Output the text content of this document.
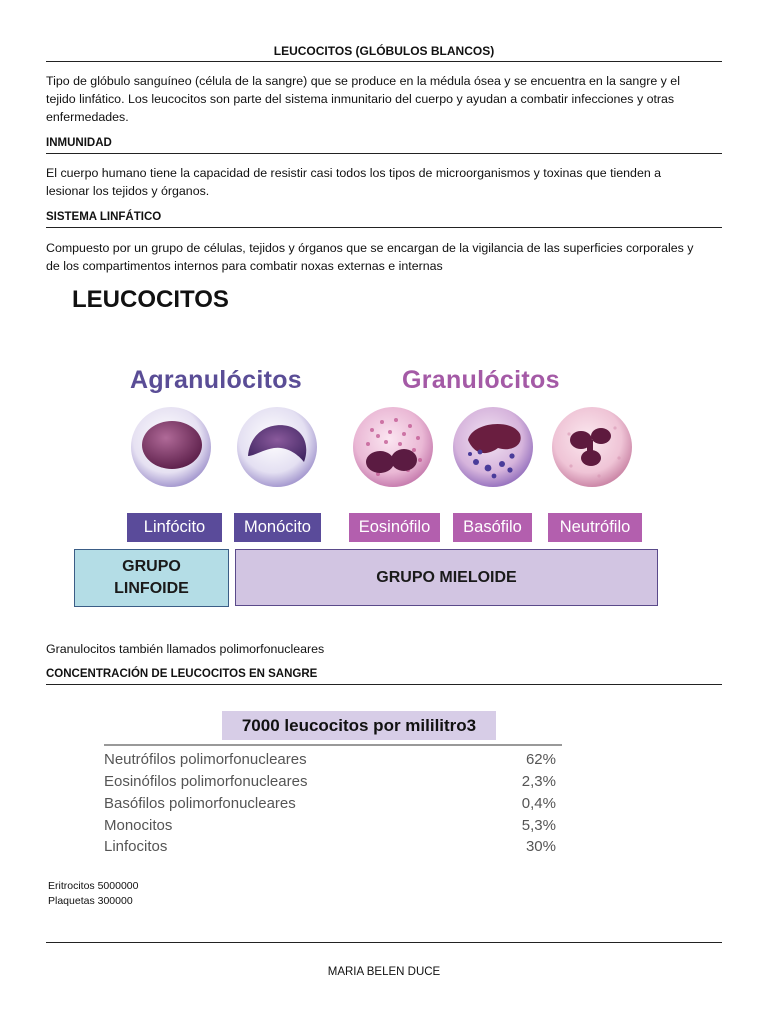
LEUCOCITOS (GLÓBULOS BLANCOS)
Tipo de glóbulo sanguíneo (célula de la sangre) que se produce en la médula ósea y se encuentra en la sangre y el
tejido linfático. Los leucocitos son parte del sistema inmunitario del cuerpo y ayudan a combatir infecciones y otras
enfermedades.
INMUNIDAD
El cuerpo humano tiene la capacidad de resistir casi todos los tipos de microorganismos y toxinas que tienden a
lesionar los tejidos y órganos.
SISTEMA LINFÁTICO
Compuesto por un grupo de células, tejidos y órganos que se encargan de la vigilancia de las superficies corporales y
de los compartimentos internos para combatir noxas externas e internas
LEUCOCITOS
Agranulócitos	Granulócitos
Linfócito	Monócito	Eosinófilo	Basófilo	Neutrófilo
GRUPO
LINFOIDE
GRUPO MIELOIDE
Granulocitos también llamados polimorfonucleares
CONCENTRACIÓN DE LEUCOCITOS EN SANGRE
7000 leucocitos por mililitro3
Neutrófilos polimorfonucleares	62%
Eosinófilos polimorfonucleares	2,3%
Basófilos polimorfonucleares	0,4%
Monocitos	5,3%
Linfocitos	30%
Eritrocitos 5000000
Plaquetas 300000
MARIA BELEN DUCE
